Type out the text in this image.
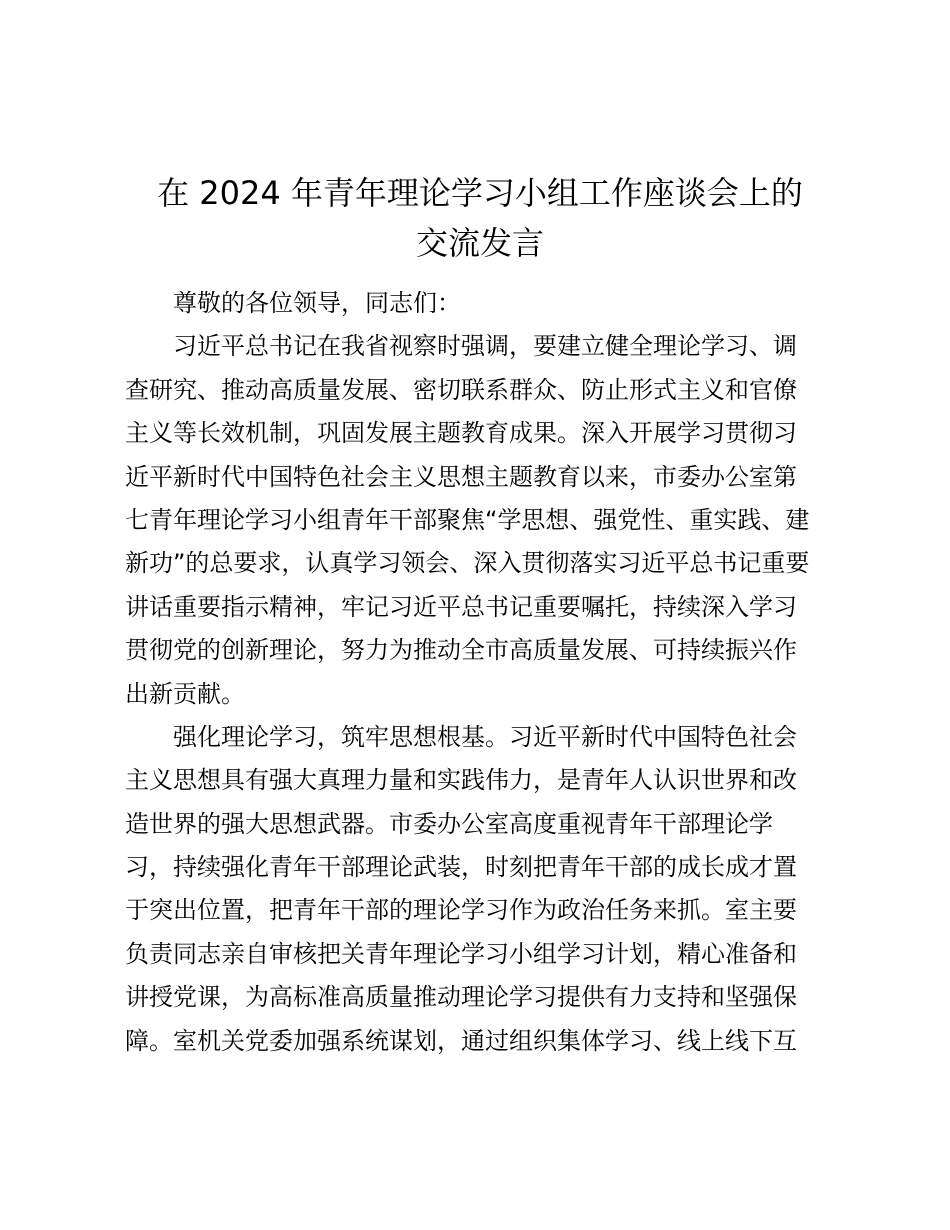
在 2024 年青年理论学习小组工作座谈会上的
交流发言
尊敬的各位领导，同志们：
习近平总书记在我省视察时强调，要建立健全理论学习、调
查研究、推动高质量发展、密切联系群众、防止形式主义和官僚
主义等长效机制，巩固发展主题教育成果。深入开展学习贯彻习
近平新时代中国特色社会主义思想主题教育以来，市委办公室第
七青年理论学习小组青年干部聚焦“学思想、强党性、重实践、建
新功”的总要求，认真学习领会、深入贯彻落实习近平总书记重要
讲话重要指示精神，牢记习近平总书记重要嘱托，持续深入学习
贯彻党的创新理论，努力为推动全市高质量发展、可持续振兴作
出新贡献。
强化理论学习，筑牢思想根基。习近平新时代中国特色社会
主义思想具有强大真理力量和实践伟力，是青年人认识世界和改
造世界的强大思想武器。市委办公室高度重视青年干部理论学
习，持续强化青年干部理论武装，时刻把青年干部的成长成才置
于突出位置，把青年干部的理论学习作为政治任务来抓。室主要
负责同志亲自审核把关青年理论学习小组学习计划，精心准备和
讲授党课，为高标准高质量推动理论学习提供有力支持和坚强保
障。室机关党委加强系统谋划，通过组织集体学习、线上线下互
